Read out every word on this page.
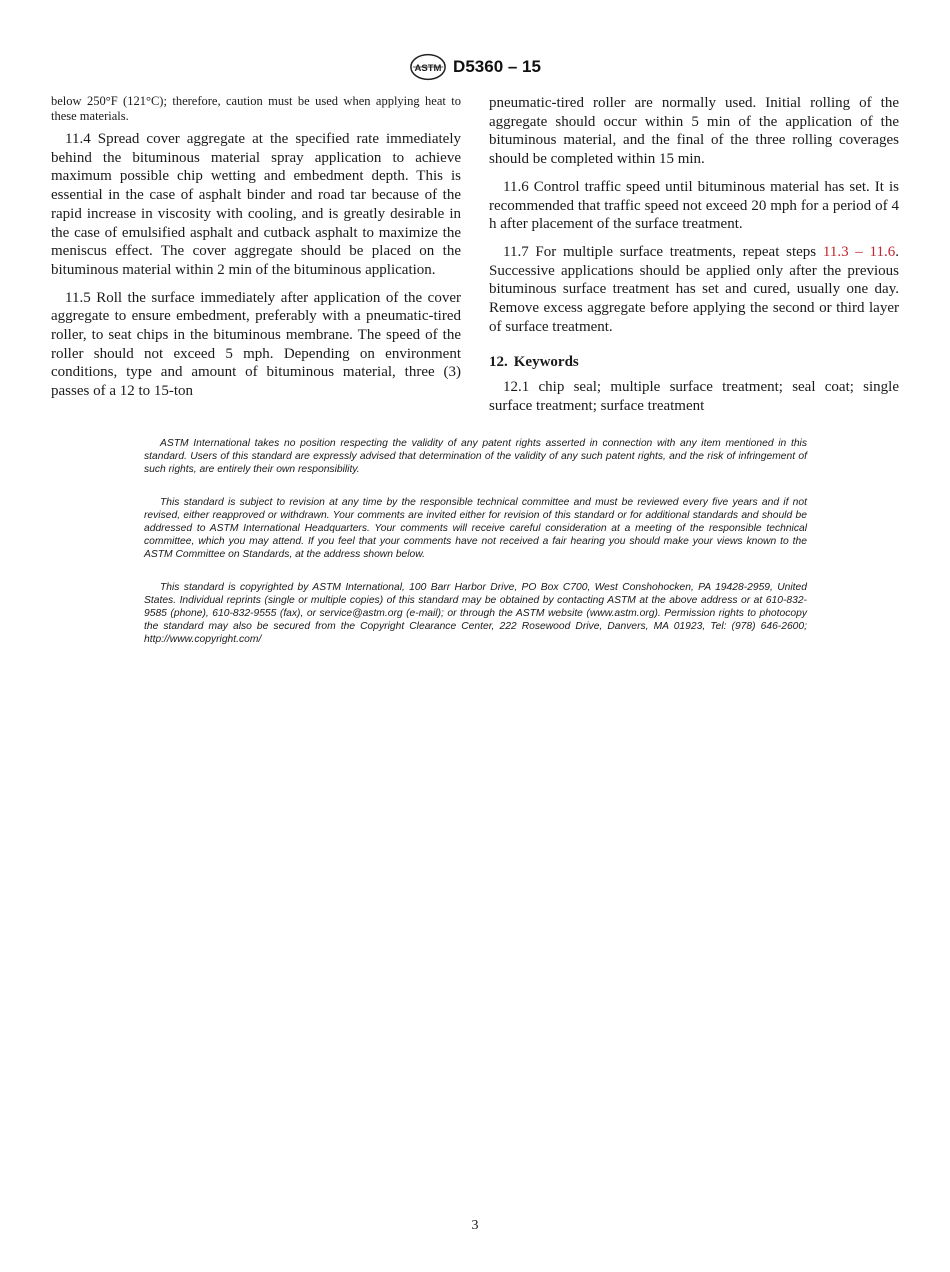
ASTM D5360 – 15

below 250°F (121°C); therefore, caution must be used when applying heat to these materials.

11.4 Spread cover aggregate at the specified rate immediately behind the bituminous material spray application to achieve maximum possible chip wetting and embedment depth. This is essential in the case of asphalt binder and road tar because of the rapid increase in viscosity with cooling, and is greatly desirable in the case of emulsified asphalt and cutback asphalt to maximize the meniscus effect. The cover aggregate should be placed on the bituminous material within 2 min of the bituminous application.

11.5 Roll the surface immediately after application of the cover aggregate to ensure embedment, preferably with a pneumatic-tired roller, to seat chips in the bituminous membrane. The speed of the roller should not exceed 5 mph. Depending on environment conditions, type and amount of bituminous material, three (3) passes of a 12 to 15-ton

pneumatic-tired roller are normally used. Initial rolling of the aggregate should occur within 5 min of the application of the bituminous material, and the final of the three rolling coverages should be completed within 15 min.

11.6 Control traffic speed until bituminous material has set. It is recommended that traffic speed not exceed 20 mph for a period of 4 h after placement of the surface treatment.

11.7 For multiple surface treatments, repeat steps 11.3 – 11.6. Successive applications should be applied only after the previous bituminous surface treatment has set and cured, usually one day. Remove excess aggregate before applying the second or third layer of surface treatment.

12. Keywords

12.1 chip seal; multiple surface treatment; seal coat; single surface treatment; surface treatment

ASTM International takes no position respecting the validity of any patent rights asserted in connection with any item mentioned in this standard. Users of this standard are expressly advised that determination of the validity of any such patent rights, and the risk of infringement of such rights, are entirely their own responsibility.

This standard is subject to revision at any time by the responsible technical committee and must be reviewed every five years and if not revised, either reapproved or withdrawn. Your comments are invited either for revision of this standard or for additional standards and should be addressed to ASTM International Headquarters. Your comments will receive careful consideration at a meeting of the responsible technical committee, which you may attend. If you feel that your comments have not received a fair hearing you should make your views known to the ASTM Committee on Standards, at the address shown below.

This standard is copyrighted by ASTM International, 100 Barr Harbor Drive, PO Box C700, West Conshohocken, PA 19428-2959, United States. Individual reprints (single or multiple copies) of this standard may be obtained by contacting ASTM at the above address or at 610-832-9585 (phone), 610-832-9555 (fax), or service@astm.org (e-mail); or through the ASTM website (www.astm.org). Permission rights to photocopy the standard may also be secured from the Copyright Clearance Center, 222 Rosewood Drive, Danvers, MA 01923, Tel: (978) 646-2600; http://www.copyright.com/

3
